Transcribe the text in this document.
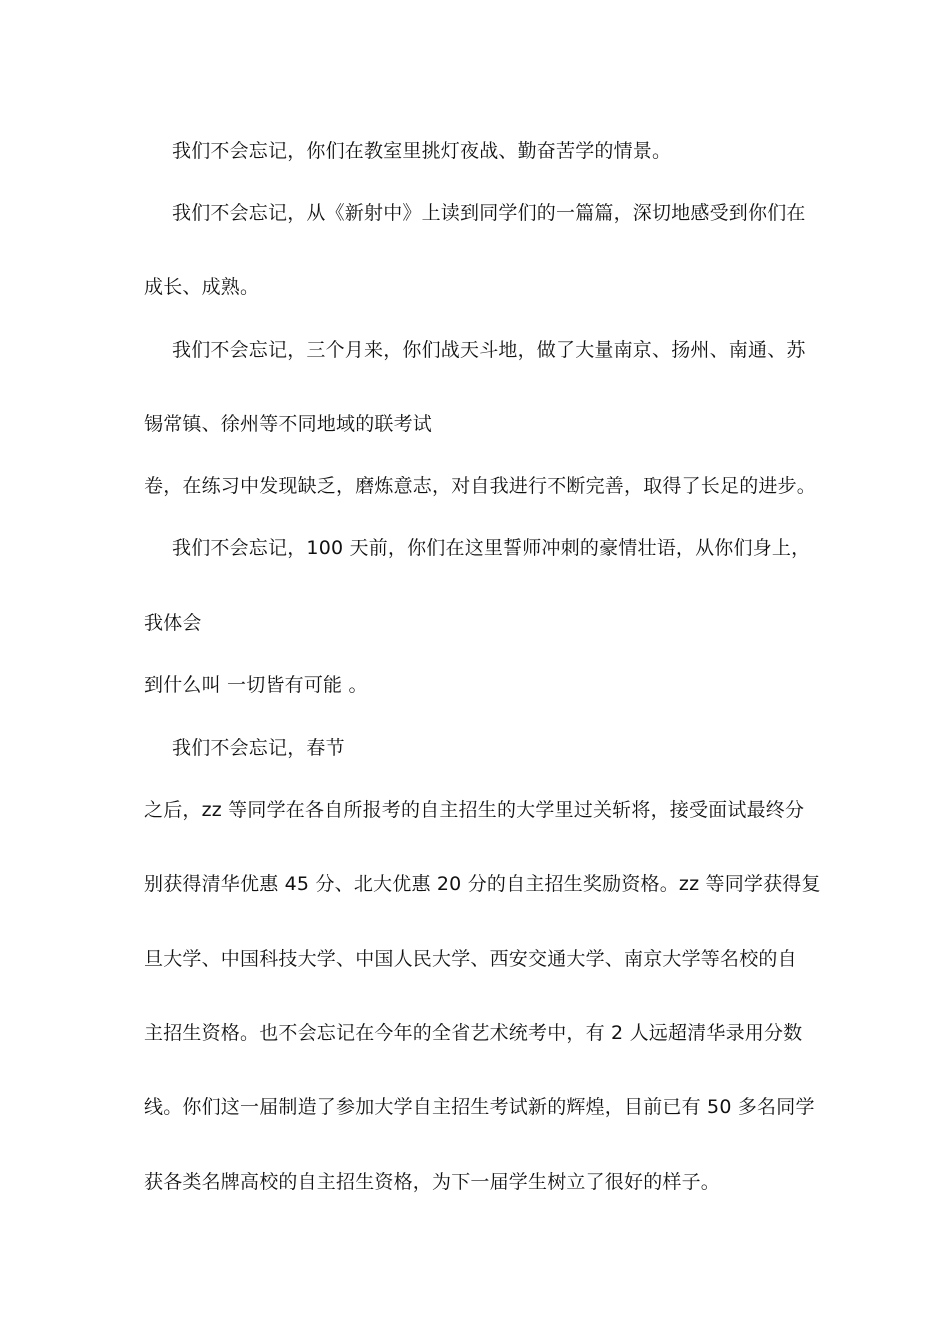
我们不会忘记，你们在教室里挑灯夜战、勤奋苦学的情景。
我们不会忘记，从《新射中》上读到同学们的一篇篇，深切地感受到你们在
成长、成熟。
我们不会忘记，三个月来，你们战天斗地，做了大量南京、扬州、南通、苏
锡常镇、徐州等不同地域的联考试
卷，在练习中发现缺乏，磨炼意志，对自我进行不断完善，取得了长足的进步。
我们不会忘记，100 天前，你们在这里誓师冲刺的豪情壮语，从你们身上，
我体会
到什么叫 一切皆有可能 。
我们不会忘记，春节
之后，zz 等同学在各自所报考的自主招生的大学里过关斩将，接受面试最终分
别获得清华优惠 45 分、北大优惠 20 分的自主招生奖励资格。zz 等同学获得复
旦大学、中国科技大学、中国人民大学、西安交通大学、南京大学等名校的自
主招生资格。也不会忘记在今年的全省艺术统考中，有 2 人远超清华录用分数
线。你们这一届制造了参加大学自主招生考试新的辉煌，目前已有 50 多名同学
获各类名牌高校的自主招生资格，为下一届学生树立了很好的样子。
